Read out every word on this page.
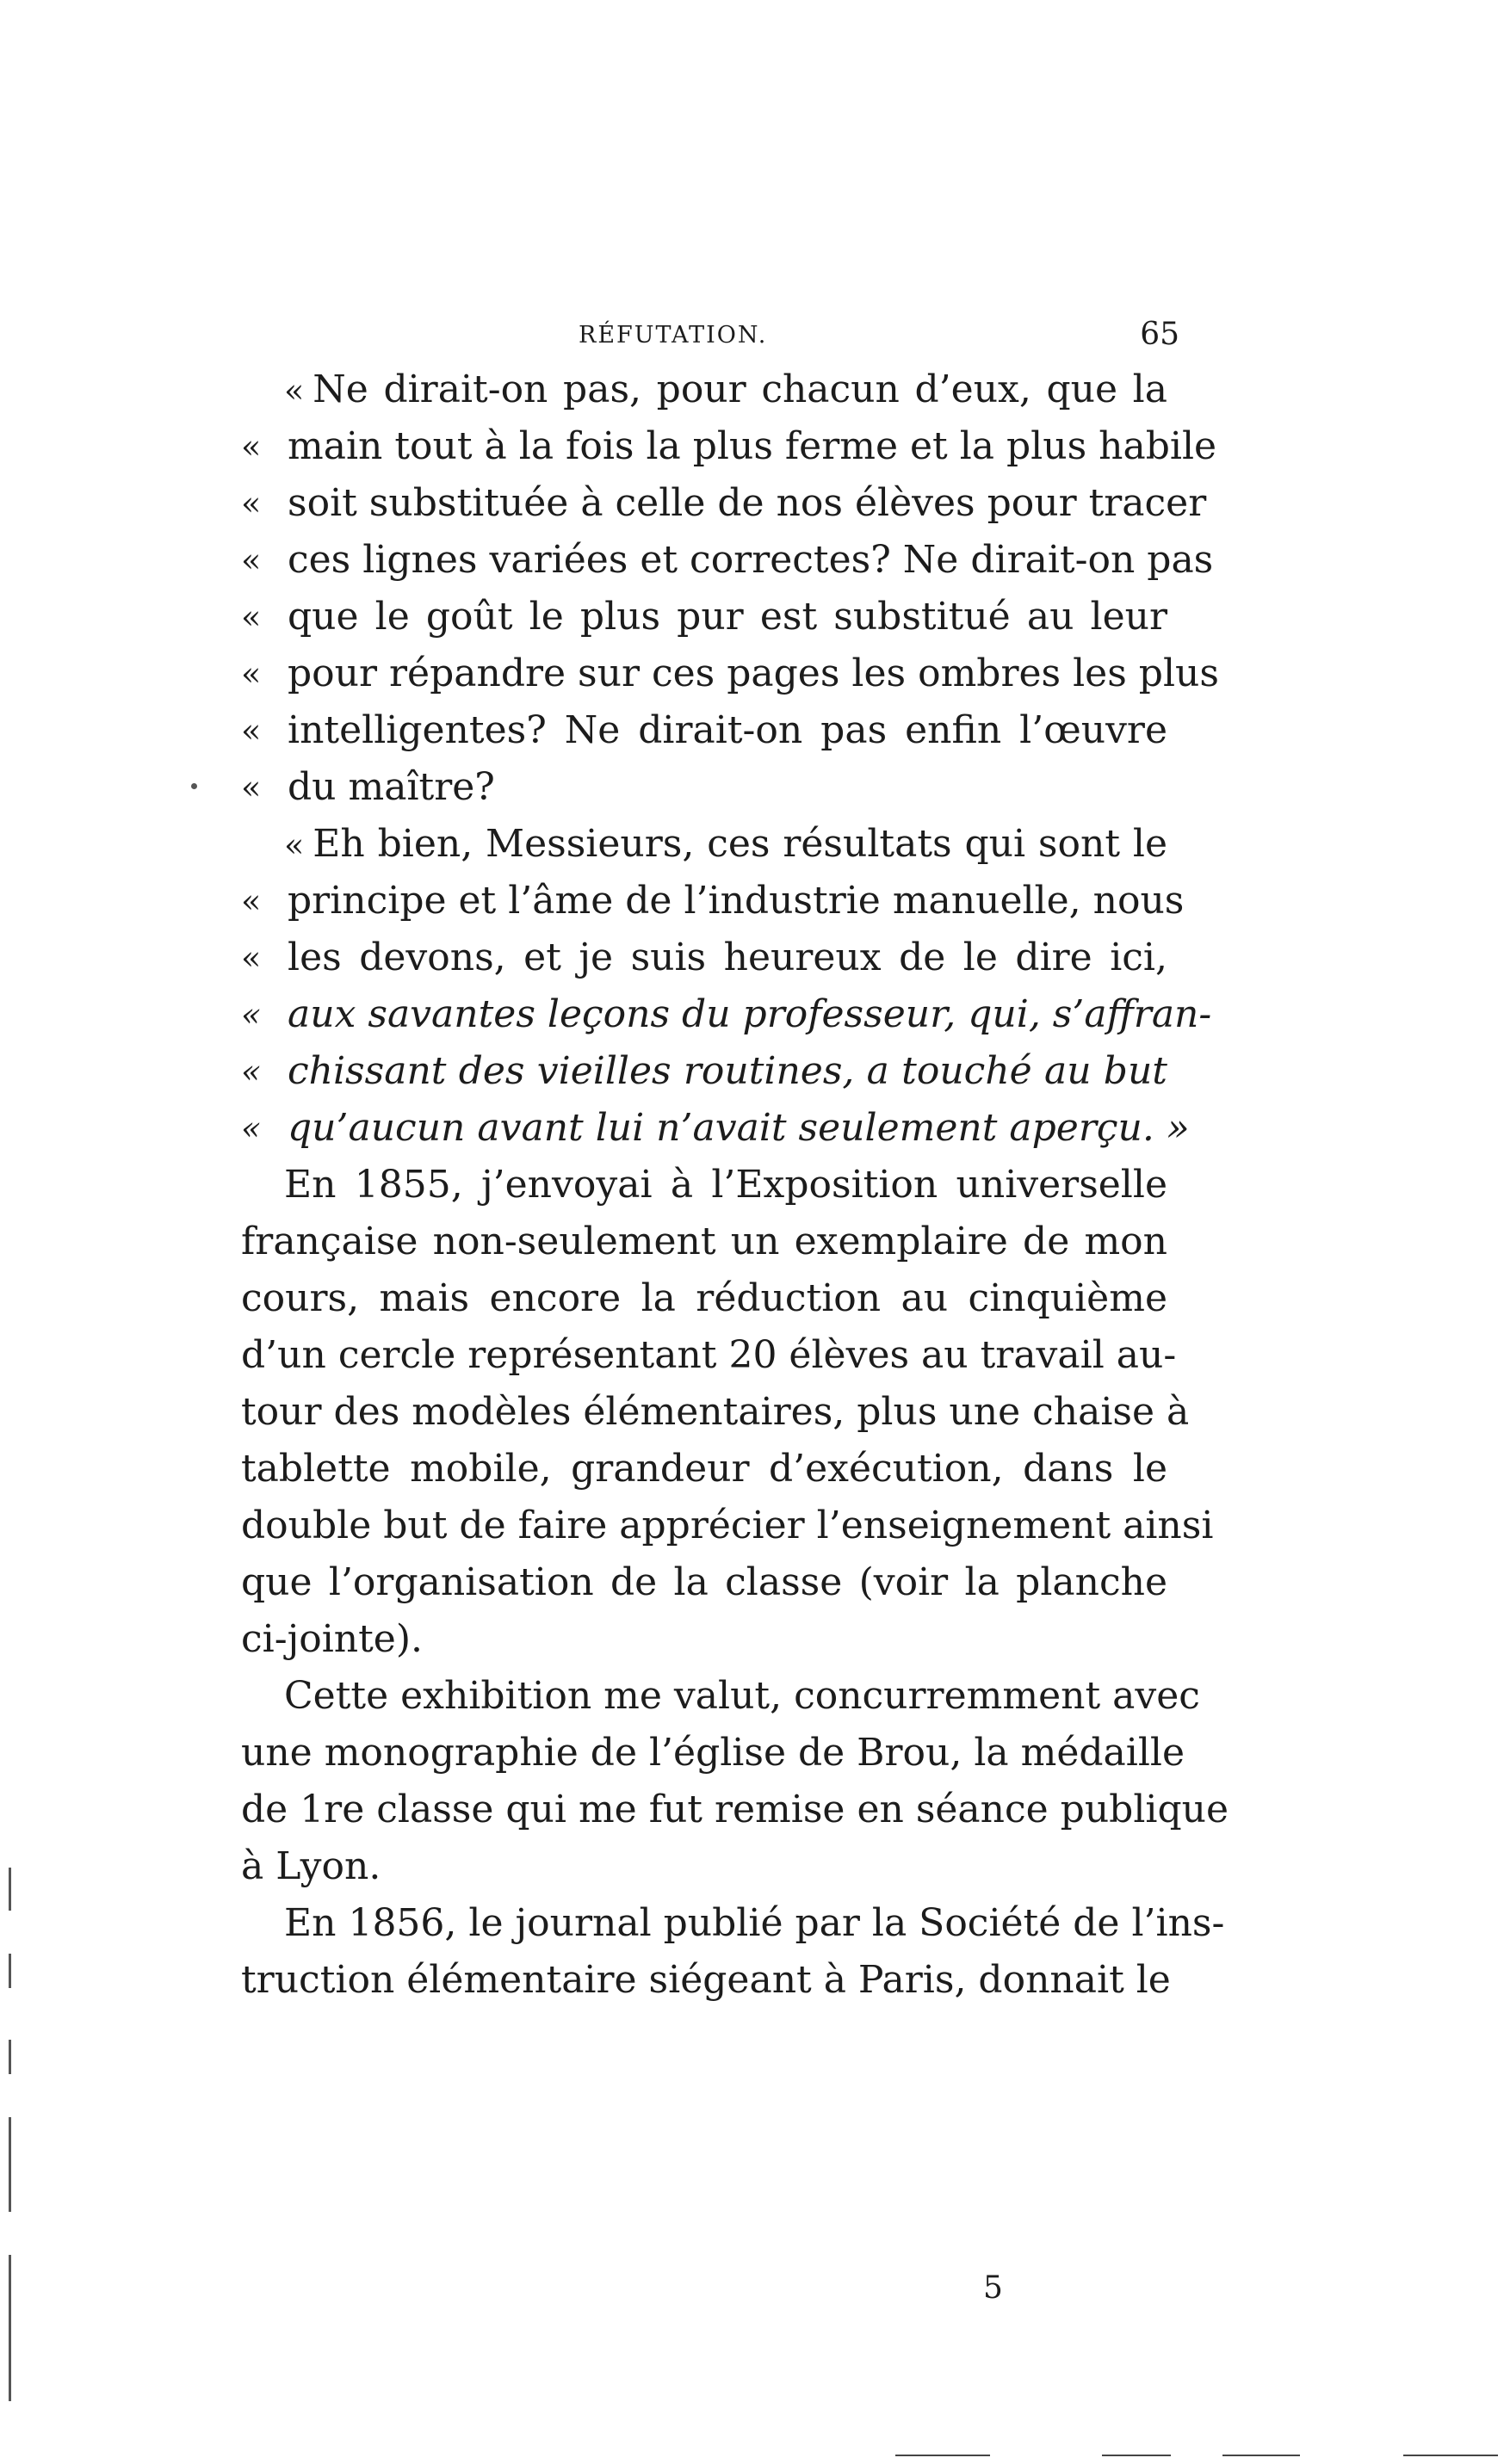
RÉFUTATION.	65
« Ne dirait-on pas, pour chacun d’eux, que la
« main tout à la fois la plus ferme et la plus habile
« soit substituée à celle de nos élèves pour tracer
« ces lignes variées et correctes? Ne dirait-on pas
« que le goût le plus pur est substitué au leur
« pour répandre sur ces pages les ombres les plus
« intelligentes? Ne dirait-on pas enfin l’œuvre
« du maître?
« Eh bien, Messieurs, ces résultats qui sont le
« principe et l’âme de l’industrie manuelle, nous
« les devons, et je suis heureux de le dire ici,
« aux savantes leçons du professeur, qui, s’affran-
« chissant des vieilles routines, a touché au but
« qu’aucun avant lui n’avait seulement aperçu. »
En 1855, j’envoyai à l’Exposition universelle
française non-seulement un exemplaire de mon
cours, mais encore la réduction au cinquième
d’un cercle représentant 20 élèves au travail au-
tour des modèles élémentaires, plus une chaise à
tablette mobile, grandeur d’exécution, dans le
double but de faire apprécier l’enseignement ainsi
que l’organisation de la classe (voir la planche
ci-jointe).
Cette exhibition me valut, concurremment avec
une monographie de l’église de Brou, la médaille
de 1re classe qui me fut remise en séance publique
à Lyon.
En 1856, le journal publié par la Société de l’ins-
truction élémentaire siégeant à Paris, donnait le
5
